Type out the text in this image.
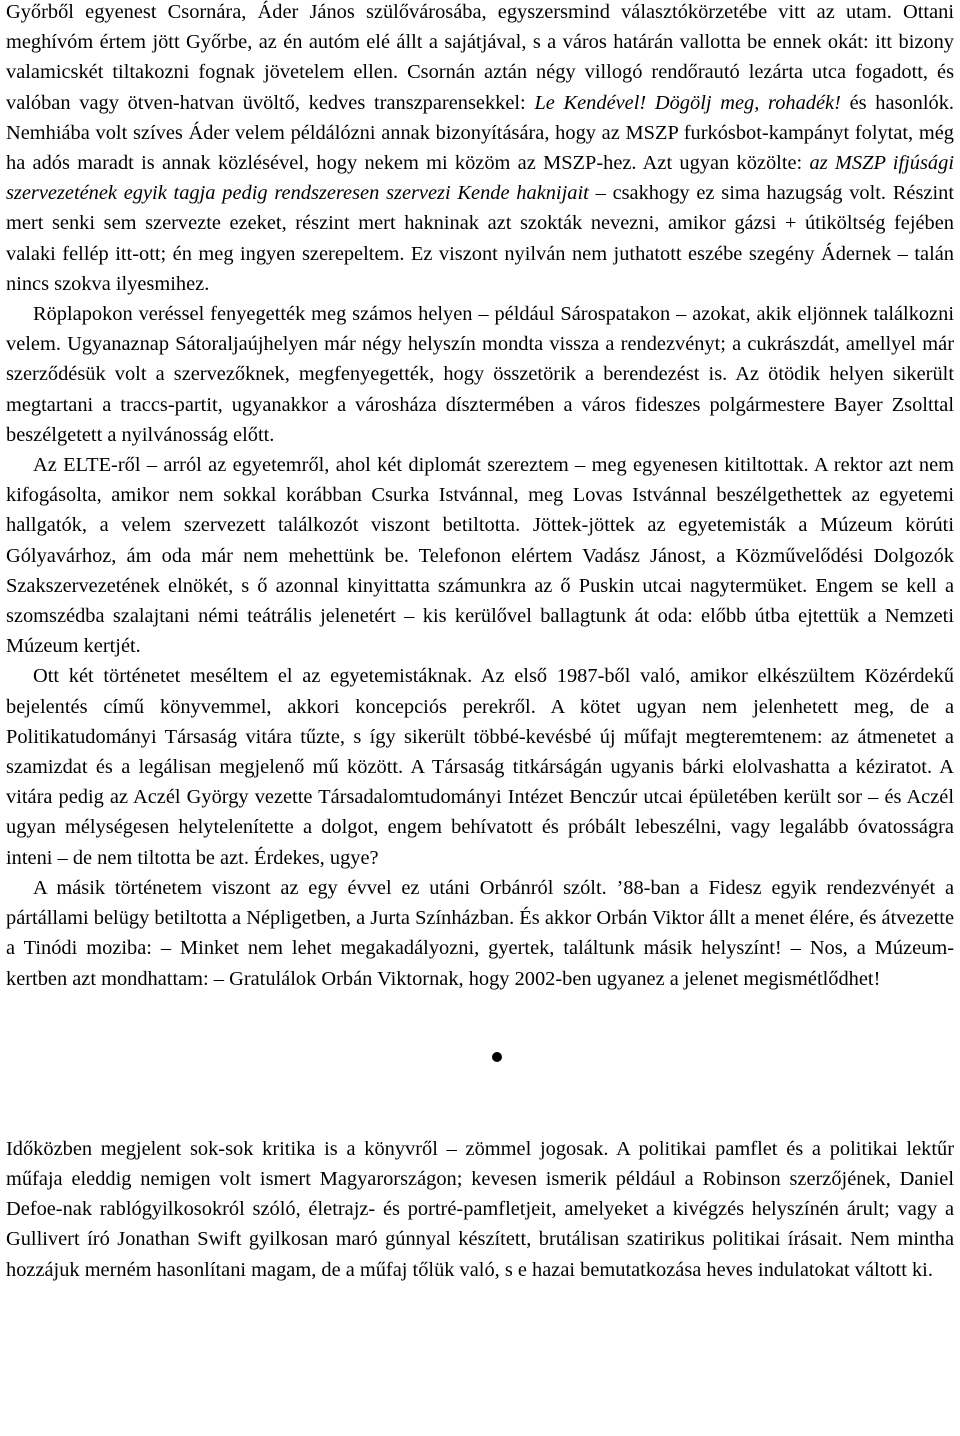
Győrből egyenest Csornára, Áder János szülővárosába, egyszersmind választókörzetébe vitt az utam. Ottani meghívóm értem jött Győrbe, az én autóm elé állt a sajátjával, s a város határán vallotta be ennek okát: itt bizony valamicskét tiltakozni fognak jövetelem ellen. Csornán aztán négy villogó rendőrautó lezárta utca fogadott, és valóban vagy ötven-hatvan üvöltő, kedves transzparensekkel: Le Kendével! Dögölj meg, rohadék! és hasonlók. Nemhiába volt szíves Áder velem példálózni annak bizonyítására, hogy az MSZP furkósbot-kampányt folytat, még ha adós maradt is annak közlésével, hogy nekem mi közöm az MSZP-hez. Azt ugyan közölte: az MSZP ifjúsági szervezetének egyik tagja pedig rendszeresen szervezi Kende haknijait – csakhogy ez sima hazugság volt. Részint mert senki sem szervezte ezeket, részint mert hakninak azt szokták nevezni, amikor gázsi + útiköltség fejében valaki fellép itt-ott; én meg ingyen szerepeltem. Ez viszont nyilván nem juthatott eszébe szegény Ádernek – talán nincs szokva ilyesmihez.

Röplapokon veréssel fenyegették meg számos helyen – például Sárospatakon – azokat, akik eljönnek találkozni velem. Ugyanaznap Sátoraljaújhelyen már négy helyszín mondta vissza a rendezvényt; a cukrászdát, amellyel már szerződésük volt a szervezőknek, megfenyegették, hogy összetörik a berendezést is. Az ötödik helyen sikerült megtartani a traccs-partit, ugyanakkor a városháza dísztermében a város fideszes polgármestere Bayer Zsolttal beszélgetett a nyilvánosság előtt.

Az ELTE-ről – arról az egyetemről, ahol két diplomát szereztem – meg egyenesen kitiltottak. A rektor azt nem kifogásolta, amikor nem sokkal korábban Csurka Istvánnal, meg Lovas Istvánnal beszélgethettek az egyetemi hallgatók, a velem szervezett találkozót viszont betiltotta. Jöttek-jöttek az egyetemisták a Múzeum körúti Gólyavárhoz, ám oda már nem mehettünk be. Telefonon elértem Vadász Jánost, a Közművelődési Dolgozók Szakszervezetének elnökét, s ő azonnal kinyittatta számunkra az ő Puskin utcai nagytermüket. Engem se kell a szomszédba szalajtani némi teátrális jelenetért – kis kerülővel ballagtunk át oda: előbb útba ejtettük a Nemzeti Múzeum kertjét.

Ott két történetet meséltem el az egyetemistáknak. Az első 1987-ből való, amikor elkészültem Közérdekű bejelentés című könyvemmel, akkori koncepciós perekről. A kötet ugyan nem jelenhetett meg, de a Politikatudományi Társaság vitára tűzte, s így sikerült többé-kevésbé új műfajt megteremtenem: az átmenetet a szamizdat és a legálisan megjelenő mű között. A Társaság titkárságán ugyanis bárki elolvashatta a kéziratot. A vitára pedig az Aczél György vezette Társadalomtudományi Intézet Benczúr utcai épületében került sor – és Aczél ugyan mélységesen helytelenítette a dolgot, engem behívatott és próbált lebeszélni, vagy legalább óvatosságra inteni – de nem tiltotta be azt. Érdekes, ugye?

A másik történetem viszont az egy évvel ez utáni Orbánról szólt. ’88-ban a Fidesz egyik rendezvényét a pártállami belügy betiltotta a Népligetben, a Jurta Színházban. És akkor Orbán Viktor állt a menet élére, és átvezette a Tinódi moziba: – Minket nem lehet megakadályozni, gyertek, találtunk másik helyszínt! – Nos, a Múzeum-kertben azt mondhattam: – Gratulálok Orbán Viktornak, hogy 2002-ben ugyanez a jelenet megismétlődhet!

Időközben megjelent sok-sok kritika is a könyvről – zömmel jogosak. A politikai pamflet és a politikai lektűr műfaja eleddig nemigen volt ismert Magyarországon; kevesen ismerik például a Robinson szerzőjének, Daniel Defoe-nak rablógyilkosokról szóló, életrajz- és portré-pamfletjeit, amelyeket a kivégzés helyszínén árult; vagy a Gullivert író Jonathan Swift gyilkosan maró gúnnyal készített, brutálisan szatirikus politikai írásait. Nem mintha hozzájuk merném hasonlítani magam, de a műfaj tőlük való, s e hazai bemutatkozása heves indulatokat váltott ki.
